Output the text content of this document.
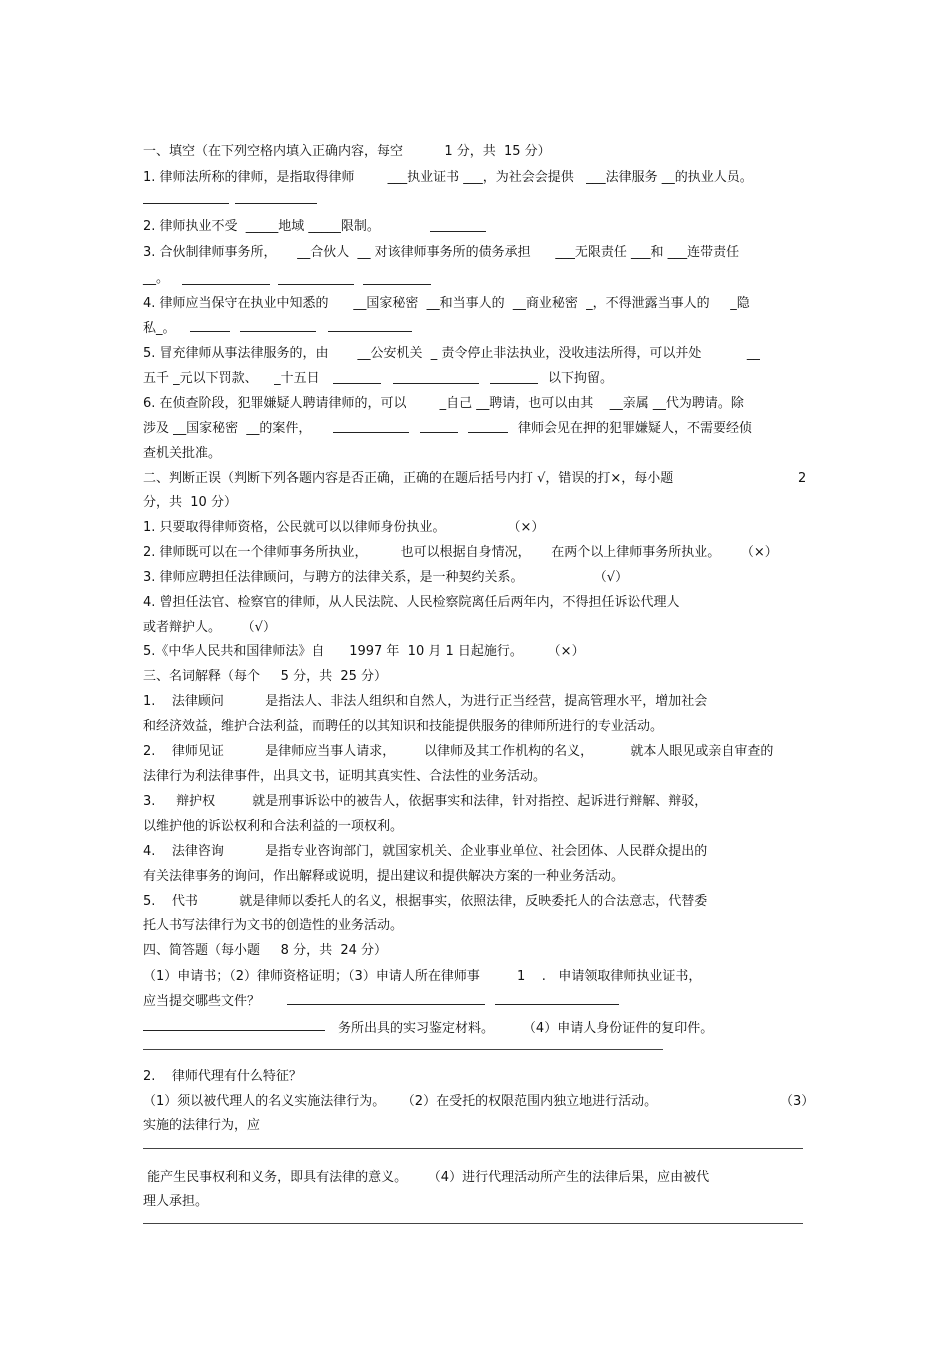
一、填空（在下列空格内填入正确内容，每空          1 分，共  15 分）
1. 律师法所称的律师，是指取得律师        ___执业证书 ___，为社会会提供   ___法律服务 __的执业人员。
2. 律师执业不受  _____地域 _____限制。
3. 合伙制律师事务所，     __合伙人  __ 对该律师事务所的债务承担      ___无限责任 ___和 ___连带责任
__。
4. 律师应当保守在执业中知悉的      __国家秘密  __和当事人的  __商业秘密  _，不得泄露当事人的     _隐
私_。
5. 冒充律师从事法律服务的，由       __公安机关  _ 责令停止非法执业，没收违法所得，可以并处           __
五千 _元以下罚款、    _十五日	以下拘留。
6. 在侦查阶段，犯罪嫌疑人聘请律师的，可以        _自己 __聘请，也可以由其    __亲属 __代为聘请。除
涉及 __国家秘密  __的案件，	律师会见在押的犯罪嫌疑人，不需要经侦
查机关批准。
二、判断正误（判断下列各题内容是否正确，正确的在题后括号内打 √，错误的打×，每小题	2
分，共  10 分）
1. 只要取得律师资格，公民就可以以律师身份执业。               （×）
2. 律师既可以在一个律师事务所执业，        也可以根据自身情况，     在两个以上律师事务所执业。     （×）
3. 律师应聘担任法律顾问，与聘方的法律关系，是一种契约关系。                 （√）
4. 曾担任法官、检察官的律师，从人民法院、人民检察院离任后两年内，不得担任诉讼代理人
或者辩护人。     （√）
5.《中华人民共和国律师法》自      1997 年  10 月 1 日起施行。      （×）
三、名词解释（每个     5 分，共  25 分）
1.    法律顾问          是指法人、非法人组织和自然人，为进行正当经营，提高管理水平，增加社会
和经济效益，维护合法利益，而聘任的以其知识和技能提供服务的律师所进行的专业活动。
2.    律师见证          是律师应当事人请求，       以律师及其工作机构的名义，         就本人眼见或亲自审查的
法律行为利法律事件，出具文书，证明其真实性、合法性的业务活动。
3.     辩护权         就是刑事诉讼中的被告人，依据事实和法律，针对指控、起诉进行辩解、辩驳，
以维护他的诉讼权利和合法利益的一项权利。
4.    法律咨询          是指专业咨询部门，就国家机关、企业事业单位、社会团体、人民群众提出的
有关法律事务的询问，作出解释或说明，提出建议和提供解决方案的一种业务活动。
5.    代书          就是律师以委托人的名义，根据事实，依照法律，反映委托人的合法意志，代替委
托人书写法律行为文书的创造性的业务活动。
四、简答题（每小题     8 分，共  24 分）
（1）申请书；（2）律师资格证明；（3）申请人所在律师事         1    .   申请领取律师执业证书，
应当提交哪些文件？
务所出具的实习鉴定材料。       （4）申请人身份证件的复印件。
2.    律师代理有什么特征？
（1）须以被代理人的名义实施法律行为。    （2）在受托的权限范围内独立地进行活动。	（3）
实施的法律行为，应
能产生民事权利和义务，即具有法律的意义。     （4）进行代理活动所产生的法律后果，应由被代
理人承担。
